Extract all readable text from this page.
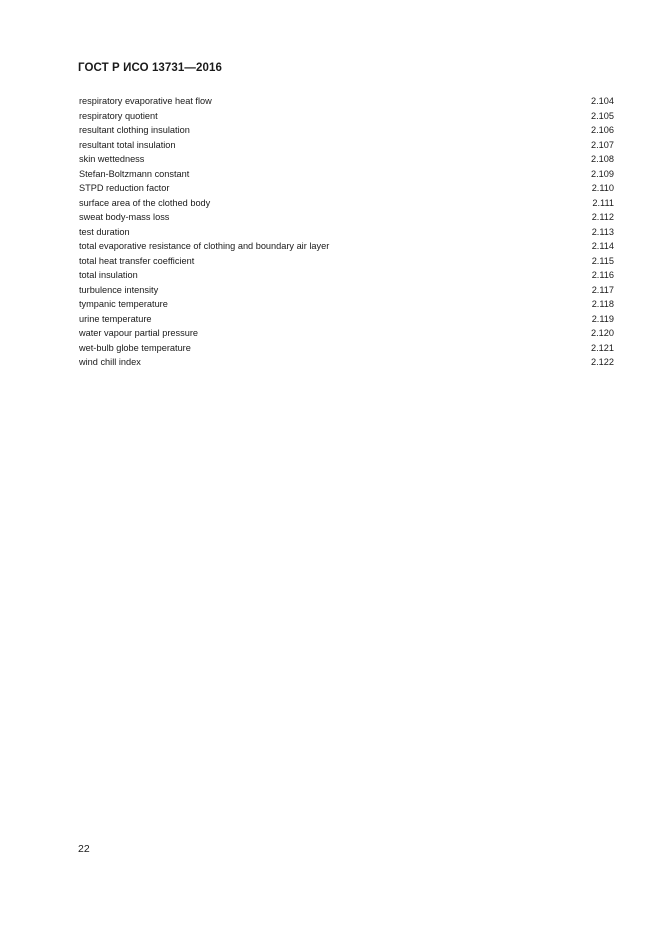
ГОСТ Р ИСО 13731—2016
respiratory evaporative heat flow	2.104
respiratory quotient	2.105
resultant clothing insulation	2.106
resultant total insulation	2.107
skin wettedness	2.108
Stefan-Boltzmann constant	2.109
STPD reduction factor	2.110
surface area of the clothed body	2.111
sweat body-mass loss	2.112
test duration	2.113
total evaporative resistance of clothing and boundary air layer	2.114
total heat transfer coefficient	2.115
total insulation	2.116
turbulence intensity	2.117
tympanic temperature	2.118
urine temperature	2.119
water vapour partial pressure	2.120
wet-bulb globe temperature	2.121
wind chill index	2.122
22
